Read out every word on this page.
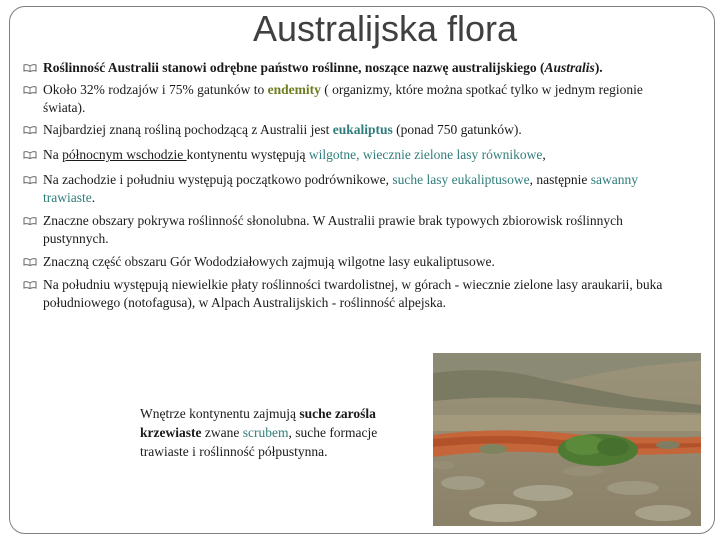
Australijska flora
Roślinność Australii stanowi odrębne państwo roślinne, noszące nazwę australijskiego (Australis).
Około 32% rodzajów i 75% gatunków to endemity ( organizmy, które można spotkać tylko w jednym regionie świata).
Najbardziej znaną rośliną pochodzącą z Australii jest eukaliptus (ponad 750 gatunków).
Na północnym wschodzie kontynentu występują wilgotne, wiecznie zielone lasy równikowe,
Na zachodzie i południu występują początkowo podrównikowe, suche lasy eukaliptusowe, następnie sawanny trawiaste.
Znaczne obszary pokrywa roślinność słonolubna. W Australii prawie brak typowych zbiorowisk roślinnych pustynnych.
Znaczną część obszaru Gór Wododziałowych zajmują wilgotne lasy eukaliptusowe.
Na południu występują niewielkie płaty roślinności twardolistnej, w górach - wiecznie zielone lasy araukarii, buka południowego (notofagusa), w Alpach Australijskich - roślinność alpejska.
Wnętrze kontynentu zajmują suche zarośla krzewiaste zwane scrubem, suche formacje trawiaste i roślinność półpustynna.
